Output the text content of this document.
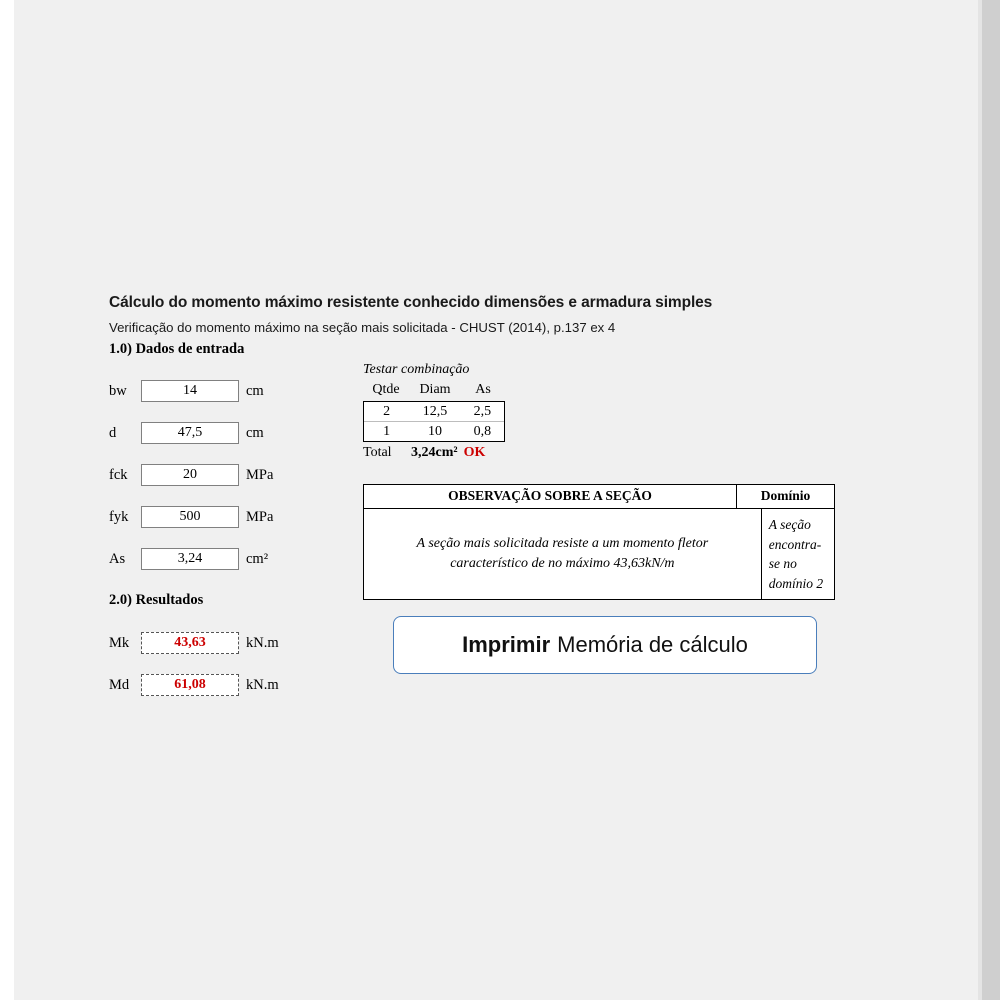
Cálculo do momento máximo resistente conhecido dimensões e armadura simples
Verificação do momento máximo na seção mais solicitada - CHUST (2014), p.137 ex 4
1.0) Dados de entrada
2.0) Resultados
bw	14	cm
d	47,5	cm
fck	20	MPa
fyk	500	MPa
As	3,24	cm²
Mk	43,63	kN.m
Md	61,08	kN.m
Testar combinação
Qtde	Diam	As
2	12,5	2,5
1	10	0,8
Total 3,24cm² OK
OBSERVAÇÃO SOBRE A SEÇÃO	Domínio
A seção mais solicitada resiste a um momento fletor característico de no máximo 43,63kN/m
A seção encontra-se no domínio 2
Imprimir Memória de cálculo
